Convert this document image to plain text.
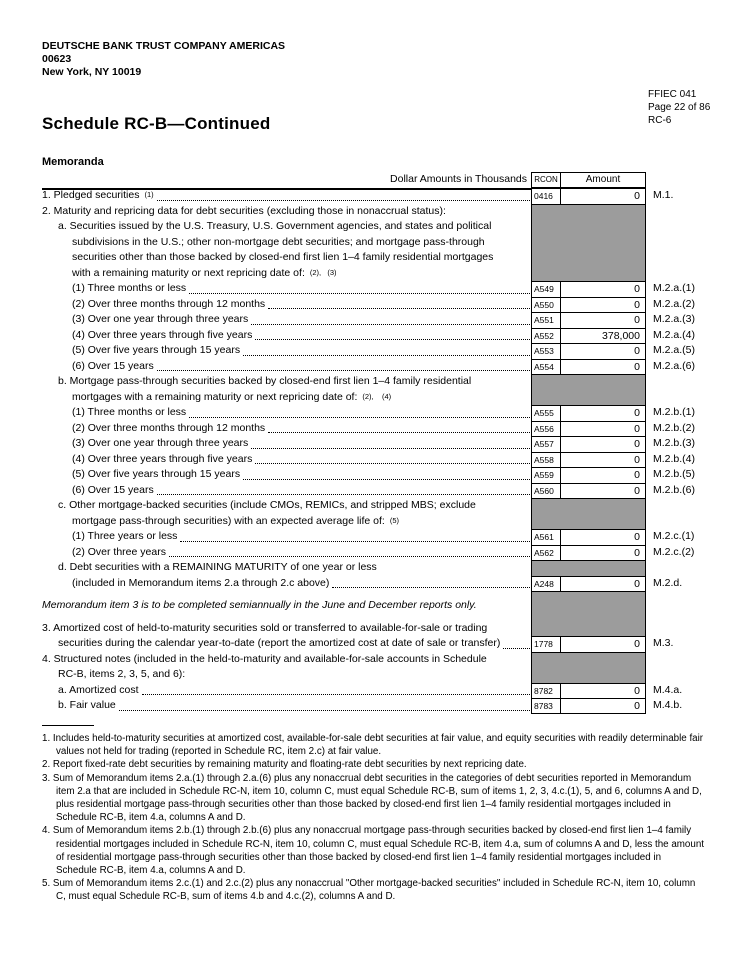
DEUTSCHE BANK TRUST COMPANY AMERICAS
00623
New York, NY 10019
FFIEC 041
Page 22 of 86
RC-6
Schedule RC-B—Continued
Memoranda
Dollar Amounts in Thousands RCON	Amount
1. Pledged securities (1)	0416	0	M.1.
2. Maturity and repricing data for debt securities (excluding those in nonaccrual status):
a. Securities issued by the U.S. Treasury, U.S. Government agencies, and states and political
subdivisions in the U.S.; other non-mortgage debt securities; and mortgage pass-through
securities other than those backed by closed-end first lien 1–4 family residential mortgages
with a remaining maturity or next repricing date of: (2),   (3)
(1) Three months or less	A549	0	M.2.a.(1)
(2) Over three months through 12 months	A550	0	M.2.a.(2)
(3) Over one year through three years	A551	0	M.2.a.(3)
(4) Over three years through five years	A552	378,000	M.2.a.(4)
(5) Over five years through 15 years	A553	0	M.2.a.(5)
(6) Over 15 years	A554	0	M.2.a.(6)
b. Mortgage pass-through securities backed by closed-end first lien 1–4 family residential
mortgages with a remaining maturity or next repricing date of: (2),    (4)
(1) Three months or less	A555	0	M.2.b.(1)
(2) Over three months through 12 months	A556	0	M.2.b.(2)
(3) Over one year through three years	A557	0	M.2.b.(3)
(4) Over three years through five years	A558	0	M.2.b.(4)
(5) Over five years through 15 years	A559	0	M.2.b.(5)
(6) Over 15 years	A560	0	M.2.b.(6)
c. Other mortgage-backed securities (include CMOs, REMICs, and stripped MBS; exclude
mortgage pass-through securities) with an expected average life of: (5)
(1) Three years or less	A561	0	M.2.c.(1)
(2) Over three years	A562	0	M.2.c.(2)
d. Debt securities with a REMAINING MATURITY of one year or less
(included in Memorandum items 2.a through 2.c above)	A248	0	M.2.d.
Memorandum item 3 is to be completed semiannually in the June and December reports only.
3. Amortized cost of held-to-maturity securities sold or transferred to available-for-sale or trading
securities during the calendar year-to-date (report the amortized cost at date of sale or transfer)	1778	0	M.3.
4. Structured notes (included in the held-to-maturity and available-for-sale accounts in Schedule
RC-B, items 2, 3, 5, and 6):
a. Amortized cost	8782	0	M.4.a.
b. Fair value	8783	0	M.4.b.

1. Includes held-to-maturity securities at amortized cost, available-for-sale debt securities at fair value, and equity securities with readily determinable fair values not held for trading (reported in Schedule RC, item 2.c) at fair value.

2. Report fixed-rate debt securities by remaining maturity and floating-rate debt securities by next repricing date.

3. Sum of Memorandum items 2.a.(1) through 2.a.(6) plus any nonaccrual debt securities in the categories of debt securities reported in Memorandum item 2.a that are included in Schedule RC-N, item 10, column C, must equal Schedule RC-B, sum of items 1, 2, 3, 4.c.(1), 5, and 6, columns A and D, plus residential mortgage pass-through securities other than those backed by closed-end first lien 1–4 family residential mortgages included in Schedule RC-B, item 4.a, columns A and D.

4. Sum of Memorandum items 2.b.(1) through 2.b.(6) plus any nonaccrual mortgage pass-through securities backed by closed-end first lien 1–4 family residential mortgages included in Schedule RC-N, item 10, column C, must equal Schedule RC-B, item 4.a, sum of columns A and D, less the amount of residential mortgage pass-through securities other than those backed by closed-end first lien 1–4 family residential mortgages included in Schedule RC-B, item 4.a, columns A and D.

5. Sum of Memorandum items 2.c.(1) and 2.c.(2) plus any nonaccrual "Other mortgage-backed securities" included in Schedule RC-N, item 10, column C, must equal Schedule RC-B, sum of items 4.b and 4.c.(2), columns A and D.
